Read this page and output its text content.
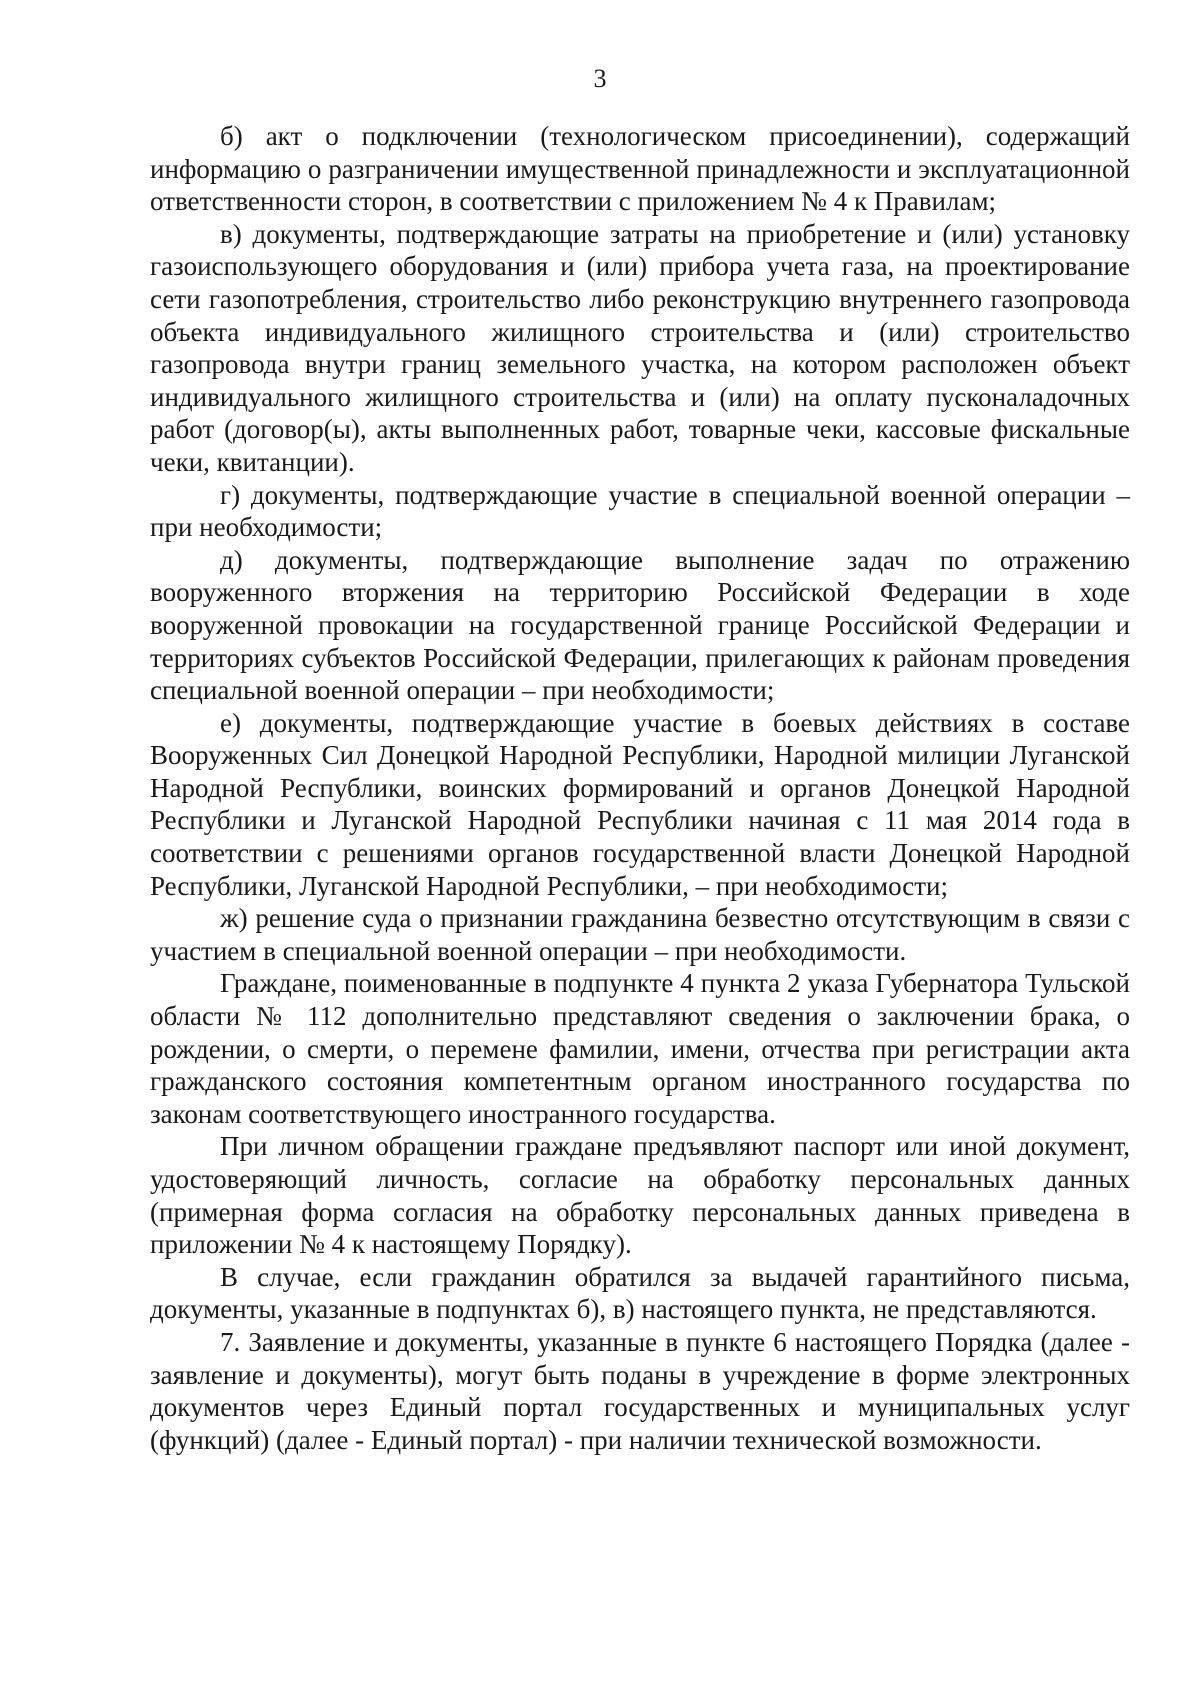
3

б) акт о подключении (технологическом присоединении), содержащий информацию о разграничении имущественной принадлежности и эксплуатационной ответственности сторон, в соответствии с приложением № 4 к Правилам;

в) документы, подтверждающие затраты на приобретение и (или) установку газоиспользующего оборудования и (или) прибора учета газа, на проектирование сети газопотребления, строительство либо реконструкцию внутреннего газопровода объекта индивидуального жилищного строительства и (или) строительство газопровода внутри границ земельного участка, на котором расположен объект индивидуального жилищного строительства и (или) на оплату пусконаладочных работ (договор(ы), акты выполненных работ, товарные чеки, кассовые фискальные чеки, квитанции).

г) документы, подтверждающие участие в специальной военной операции – при необходимости;

д) документы, подтверждающие выполнение задач по отражению вооруженного вторжения на территорию Российской Федерации в ходе вооруженной провокации на государственной границе Российской Федерации и территориях субъектов Российской Федерации, прилегающих к районам проведения специальной военной операции – при необходимости;

е) документы, подтверждающие участие в боевых действиях в составе Вооруженных Сил Донецкой Народной Республики, Народной милиции Луганской Народной Республики, воинских формирований и органов Донецкой Народной Республики и Луганской Народной Республики начиная с 11 мая 2014 года в соответствии с решениями органов государственной власти Донецкой Народной Республики, Луганской Народной Республики, – при необходимости;

ж) решение суда о признании гражданина безвестно отсутствующим в связи с участием в специальной военной операции – при необходимости.

Граждане, поименованные в подпункте 4 пункта 2 указа Губернатора Тульской области № 112 дополнительно представляют сведения о заключении брака, о рождении, о смерти, о перемене фамилии, имени, отчества при регистрации акта гражданского состояния компетентным органом иностранного государства по законам соответствующего иностранного государства.

При личном обращении граждане предъявляют паспорт или иной документ, удостоверяющий личность, согласие на обработку персональных данных (примерная форма согласия на обработку персональных данных приведена в приложении № 4 к настоящему Порядку).

В случае, если гражданин обратился за выдачей гарантийного письма, документы, указанные в подпунктах б), в) настоящего пункта, не представляются.

7. Заявление и документы, указанные в пункте 6 настоящего Порядка (далее - заявление и документы), могут быть поданы в учреждение в форме электронных документов через Единый портал государственных и муниципальных услуг (функций) (далее - Единый портал) - при наличии технической возможности.
